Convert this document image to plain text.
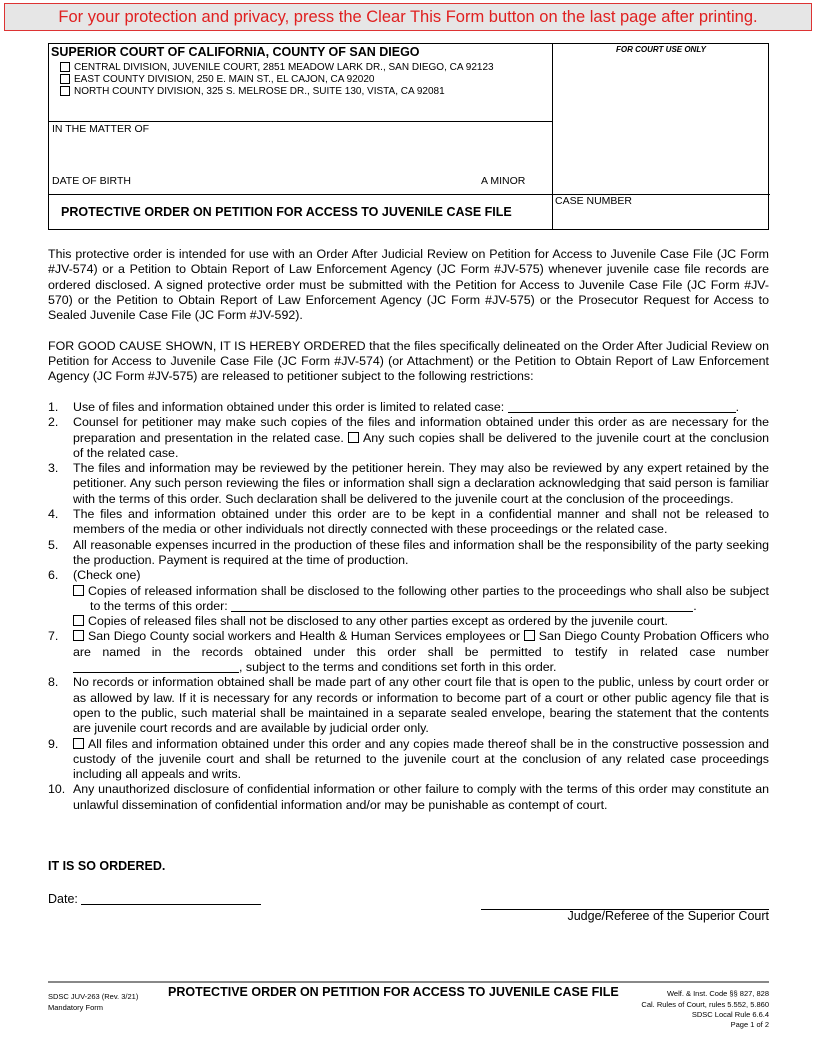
For your protection and privacy, press the Clear This Form button on the last page after printing.
SUPERIOR COURT OF CALIFORNIA, COUNTY OF SAN DIEGO
CENTRAL DIVISION, JUVENILE COURT, 2851 MEADOW LARK DR., SAN DIEGO, CA 92123
EAST COUNTY DIVISION, 250 E. MAIN ST., EL CAJON, CA 92020
NORTH COUNTY DIVISION, 325 S. MELROSE DR., SUITE 130, VISTA, CA 92081
IN THE MATTER OF
DATE OF BIRTH	A MINOR
PROTECTIVE ORDER ON PETITION FOR ACCESS TO JUVENILE CASE FILE
FOR COURT USE ONLY
CASE NUMBER

This protective order is intended for use with an Order After Judicial Review on Petition for Access to Juvenile Case File (JC Form #JV-574) or a Petition to Obtain Report of Law Enforcement Agency (JC Form #JV-575) whenever juvenile case file records are ordered disclosed. A signed protective order must be submitted with the Petition for Access to Juvenile Case File (JC Form #JV-570) or the Petition to Obtain Report of Law Enforcement Agency (JC Form #JV-575) or the Prosecutor Request for Access to Sealed Juvenile Case File (JC Form #JV-592).

FOR GOOD CAUSE SHOWN, IT IS HEREBY ORDERED that the files specifically delineated on the Order After Judicial Review on Petition for Access to Juvenile Case File (JC Form #JV-574) (or Attachment) or the Petition to Obtain Report of Law Enforcement Agency (JC Form #JV-575) are released to petitioner subject to the following restrictions:

1. Use of files and information obtained under this order is limited to related case:	.
2. Counsel for petitioner may make such copies of the files and information obtained under this order as are necessary for the preparation and presentation in the related case. Any such copies shall be delivered to the juvenile court at the conclusion of the related case.
3. The files and information may be reviewed by the petitioner herein. They may also be reviewed by any expert retained by the petitioner. Any such person reviewing the files or information shall sign a declaration acknowledging that said person is familiar with the terms of this order. Such declaration shall be delivered to the juvenile court at the conclusion of the proceedings.
4. The files and information obtained under this order are to be kept in a confidential manner and shall not be released to members of the media or other individuals not directly connected with these proceedings or the related case.
5. All reasonable expenses incurred in the production of these files and information shall be the responsibility of the party seeking the production. Payment is required at the time of production.
6. (Check one)
Copies of released information shall be disclosed to the following other parties to the proceedings who shall also be subject to the terms of this order:	.
Copies of released files shall not be disclosed to any other parties except as ordered by the juvenile court.
7. San Diego County social workers and Health & Human Services employees or San Diego County Probation Officers who are named in the records obtained under this order shall be permitted to testify in related case number , subject to the terms and conditions set forth in this order.
8. No records or information obtained shall be made part of any other court file that is open to the public, unless by court order or as allowed by law. If it is necessary for any records or information to become part of a court or other public agency file that is open to the public, such material shall be maintained in a separate sealed envelope, bearing the statement that the contents are juvenile court records and are available by judicial order only.
9. All files and information obtained under this order and any copies made thereof shall be in the constructive possession and custody of the juvenile court and shall be returned to the juvenile court at the conclusion of any related case proceedings including all appeals and writs.
10. Any unauthorized disclosure of confidential information or other failure to comply with the terms of this order may constitute an unlawful dissemination of confidential information and/or may be punishable as contempt of court.
IT IS SO ORDERED.
Date:
Judge/Referee of the Superior Court
SDSC JUV-263 (Rev. 3/21)
Mandatory Form
PROTECTIVE ORDER ON PETITION FOR ACCESS TO JUVENILE CASE FILE	Welf. & Inst. Code §§ 827, 828
Cal. Rules of Court, rules 5.552, 5.860
SDSC Local Rule 6.6.4
Page 1 of 2
